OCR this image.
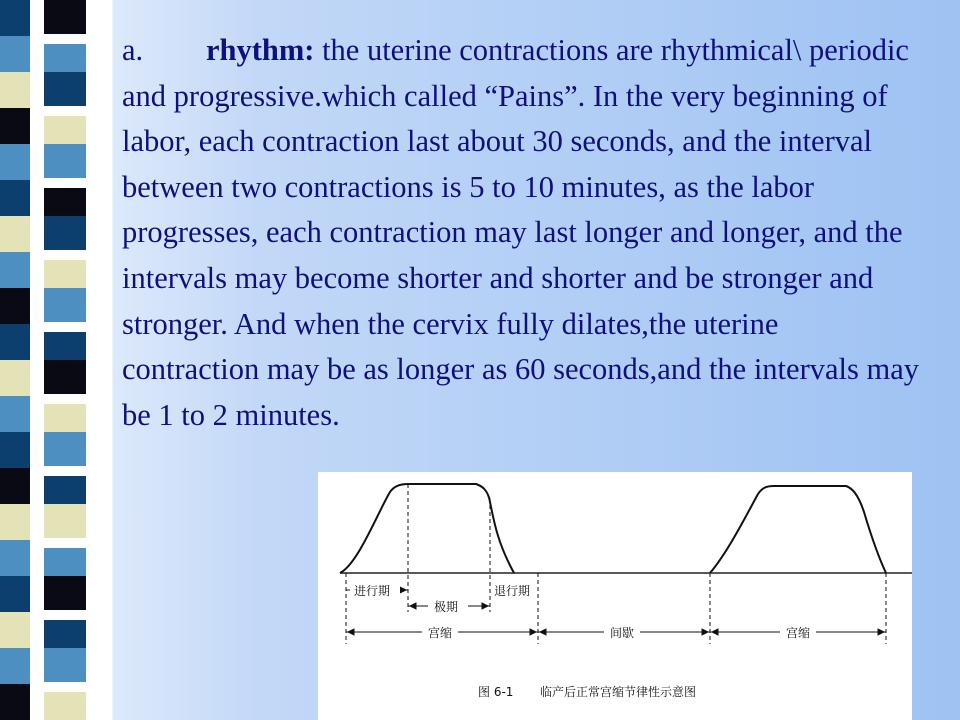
a. rhythm: the uterine contractions are rhythmical\ periodic and progressive.which called “Pains”. In the very beginning of labor, each contraction last about 30 seconds, and the interval between two contractions is 5 to 10 minutes, as the labor progresses, each contraction may last longer and longer, and the intervals may become shorter and shorter and be stronger and stronger. And when the cervix fully dilates,the uterine contraction may be as longer as 60 seconds,and the intervals may be 1 to 2 minutes.

进行期
极期
退行期
宫缩	间歇	宫缩
图 6-1 临产后正常宫缩节律性示意图
